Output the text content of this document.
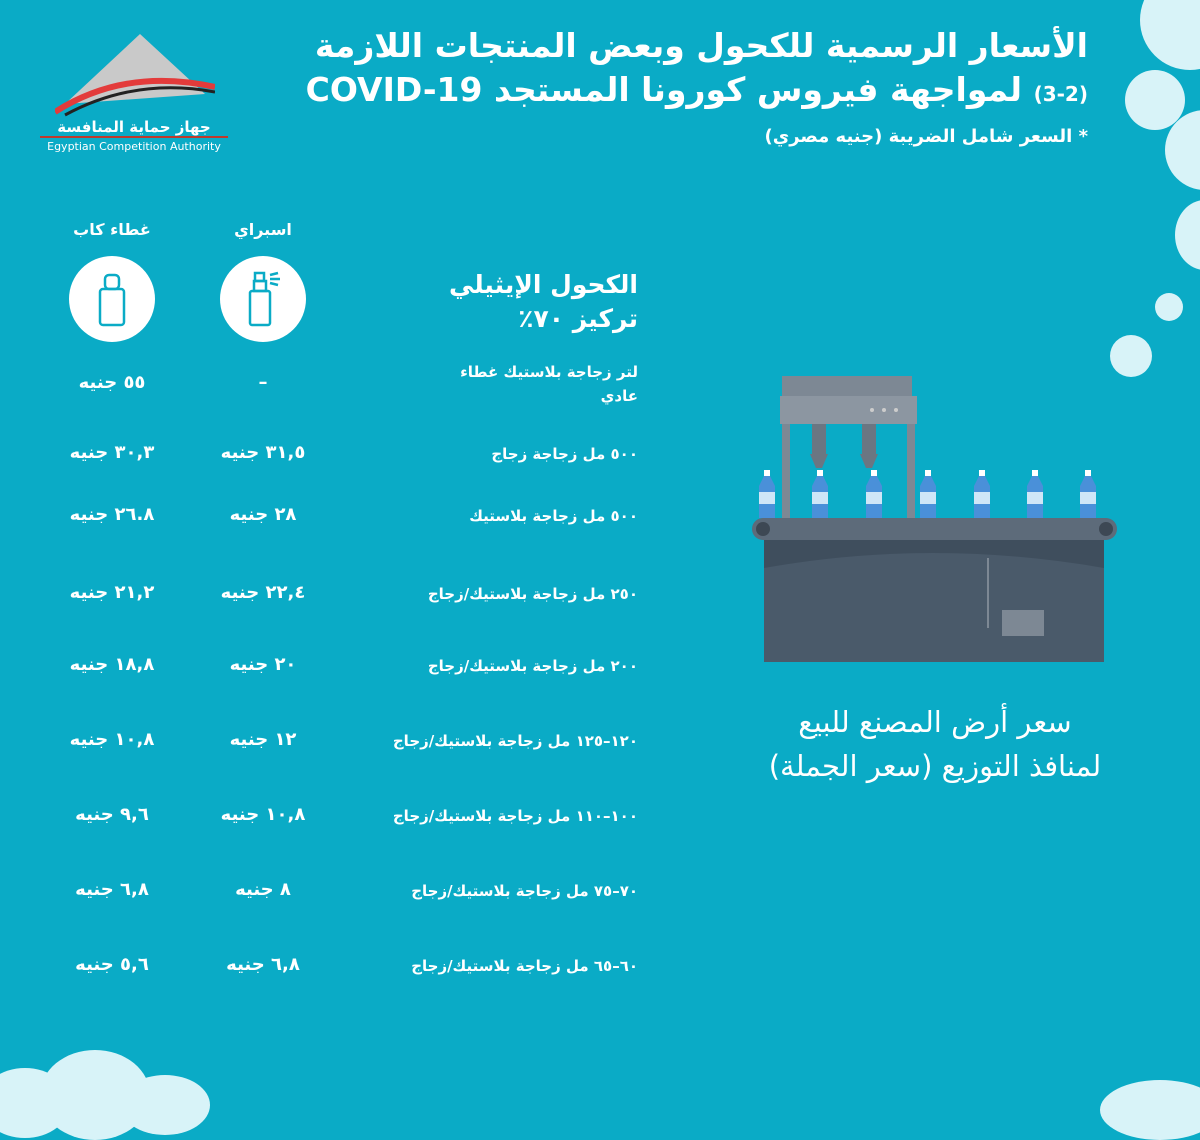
جهاز حماية المنافسة
Egyptian Competition Authority
الأسعار الرسمية للكحول وبعض المنتجات اللازمة
(3-2) لمواجهة فيروس كورونا المستجد COVID-19
* السعر شامل الضريبة (جنيه مصري)
اسبراي
غطاء كاب
الكحول الإيثيلي
تركيز ٧٠٪
لتر زجاجة بلاستيك غطاء عادي
–
٥٥ جنيه
٥٠٠ مل زجاجة زجاج
٣١,٥ جنيه
٣٠,٣ جنيه
٥٠٠ مل زجاجة بلاستيك
٢٨ جنيه
٢٦.٨ جنيه
٢٥٠ مل زجاجة بلاستيك/زجاج
٢٢,٤ جنيه
٢١,٢ جنيه
٢٠٠ مل زجاجة بلاستيك/زجاج
٢٠ جنيه
١٨,٨ جنيه
١٢٠–١٢٥ مل زجاجة بلاستيك/زجاج
١٢ جنيه
١٠,٨ جنيه
١٠٠–١١٠ مل زجاجة بلاستيك/زجاج
١٠,٨ جنيه
٩,٦ جنيه
٧٠–٧٥ مل زجاجة بلاستيك/زجاج
٨ جنيه
٦,٨ جنيه
٦٠–٦٥ مل زجاجة بلاستيك/زجاج
٦,٨ جنيه
٥,٦ جنيه
سعر أرض المصنع للبيع
لمنافذ التوزيع (سعر الجملة)
